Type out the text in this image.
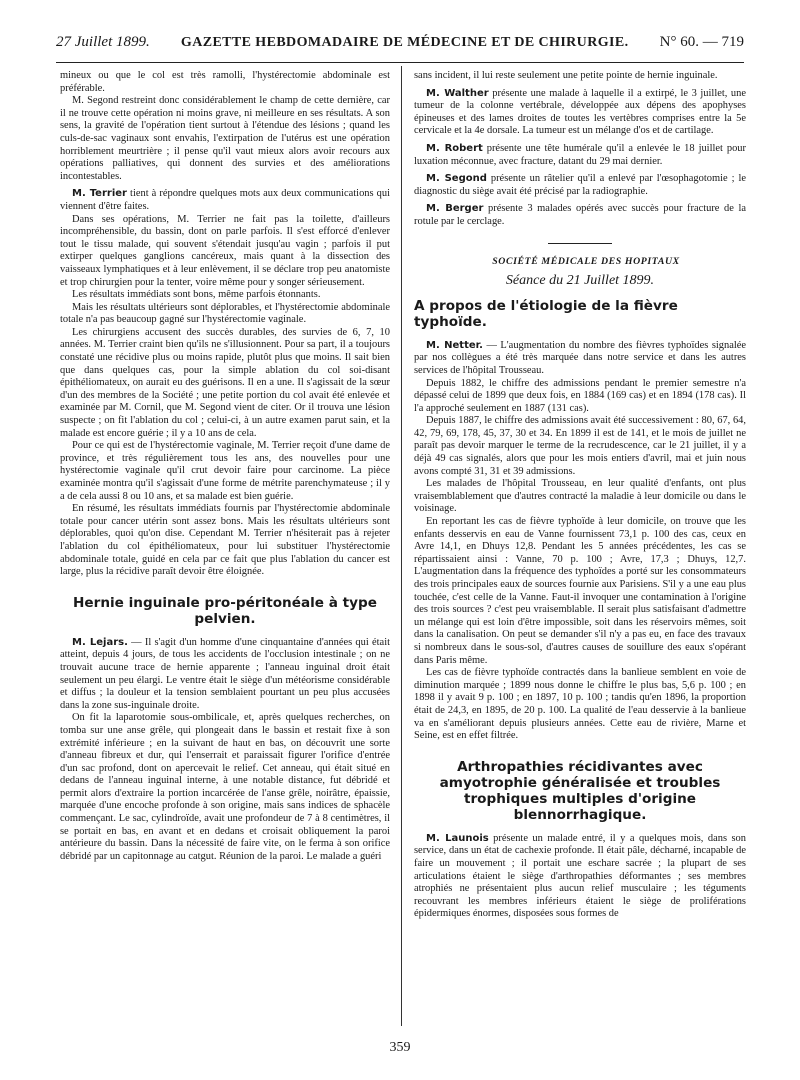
27 Juillet 1899. GAZETTE HEBDOMADAIRE DE MÉDECINE ET DE CHIRURGIE. N° 60. — 719

mineux ou que le col est très ramolli, l'hystérectomie abdominale est préférable.

M. Segond restreint donc considérablement le champ de cette dernière, car il ne trouve cette opération ni moins grave, ni meilleure en ses résultats. A son sens, la gravité de l'opération tient surtout à l'étendue des lésions ; quand les culs-de-sac vaginaux sont envahis, l'extirpation de l'utérus est une opération horriblement meurtrière ; il pense qu'il vaut mieux alors avoir recours aux opérations palliatives, qui donnent des survies et des améliorations incontestables.

M. Terrier tient à répondre quelques mots aux deux communications qui viennent d'être faites.

Dans ses opérations, M. Terrier ne fait pas la toilette, d'ailleurs incompréhensible, du bassin, dont on parle parfois. Il s'est efforcé d'enlever tout le tissu malade, qui souvent s'étendait jusqu'au vagin ; parfois il put extirper quelques ganglions cancéreux, mais quant à la dissection des vaisseaux lymphatiques et à leur enlèvement, il se déclare trop peu anatomiste et trop chirurgien pour la tenter, voire même pour y songer sérieusement.

Les résultats immédiats sont bons, même parfois étonnants.

Mais les résultats ultérieurs sont déplorables, et l'hystérectomie abdominale totale n'a pas beaucoup gagné sur l'hystérectomie vaginale.

Les chirurgiens accusent des succès durables, des survies de 6, 7, 10 années. M. Terrier craint bien qu'ils ne s'illusionnent. Pour sa part, il a toujours constaté une récidive plus ou moins rapide, plutôt plus que moins. Il sait bien que dans quelques cas, pour la simple ablation du col soi-disant épithéliomateux, on aurait eu des guérisons. Il en a une. Il s'agissait de la sœur d'un des membres de la Société ; une petite portion du col avait été enlevée et examinée par M. Cornil, que M. Segond vient de citer. Or il trouva une lésion suspecte ; on fit l'ablation du col ; celui-ci, à un autre examen parut sain, et la malade est encore guérie ; il y a 10 ans de cela.

Pour ce qui est de l'hystérectomie vaginale, M. Terrier reçoit d'une dame de province, et très régulièrement tous les ans, des nouvelles pour une hystérectomie vaginale qu'il crut devoir faire pour carcinome. La pièce examinée montra qu'il s'agissait d'une forme de métrite parenchymateuse ; il y a de cela aussi 8 ou 10 ans, et sa malade est bien guérie.

En résumé, les résultats immédiats fournis par l'hystérectomie abdominale totale pour cancer utérin sont assez bons. Mais les résultats ultérieurs sont déplorables, quoi qu'on dise. Cependant M. Terrier n'hésiterait pas à rejeter l'ablation du col épithéliomateux, pour lui substituer l'hystérectomie abdominale totale, guidé en cela par ce fait que plus l'ablation du cancer est large, plus la récidive paraît devoir être éloignée.

Hernie inguinale pro-péritonéale à type pelvien.

M. Lejars. — Il s'agit d'un homme d'une cinquantaine d'années qui était atteint, depuis 4 jours, de tous les accidents de l'occlusion intestinale ; on ne trouvait aucune trace de hernie apparente ; l'anneau inguinal droit était seulement un peu élargi. Le ventre était le siège d'un météorisme considérable et diffus ; la douleur et la tension semblaient pourtant un peu plus accusées dans la zone sus-inguinale droite.

On fit la laparotomie sous-ombilicale, et, après quelques recherches, on tomba sur une anse grêle, qui plongeait dans le bassin et restait fixe à son extrémité inférieure ; en la suivant de haut en bas, on découvrit une sorte d'anneau fibreux et dur, qui l'enserrait et paraissait figurer l'orifice d'entrée d'un sac profond, dont on apercevait le relief. Cet anneau, qui était situé en dedans de l'anneau inguinal interne, à une notable distance, fut débridé et permit alors d'extraire la portion incarcérée de l'anse grêle, noirâtre, épaissie, marquée d'une encoche profonde à son origine, mais sans indices de sphacèle commençant. Le sac, cylindroïde, avait une profondeur de 7 à 8 centimètres, il se portait en bas, en avant et en dedans et croisait obliquement la paroi antérieure du bassin. Dans la nécessité de faire vite, on le ferma à son orifice débridé par un capitonnage au catgut. Réunion de la paroi. Le malade a guéri

sans incident, il lui reste seulement une petite pointe de hernie inguinale.

M. Walther présente une malade à laquelle il a extirpé, le 3 juillet, une tumeur de la colonne vertébrale, développée aux dépens des apophyses épineuses et des lames droites de toutes les vertèbres comprises entre la 5e cervicale et la 4e dorsale. La tumeur est un mélange d'os et de cartilage.

M. Robert présente une tête humérale qu'il a enlevée le 18 juillet pour luxation méconnue, avec fracture, datant du 29 mai dernier.

M. Segond présente un râtelier qu'il a enlevé par l'œsophagotomie ; le diagnostic du siège avait été précisé par la radiographie.

M. Berger présente 3 malades opérés avec succès pour fracture de la rotule par le cerclage.

SOCIÉTÉ MÉDICALE DES HOPITAUX

Séance du 21 Juillet 1899.
A propos de l'étiologie de la fièvre typhoïde.

M. Netter. — L'augmentation du nombre des fièvres typhoïdes signalée par nos collègues a été très marquée dans notre service et dans les autres services de l'hôpital Trousseau.

Depuis 1882, le chiffre des admissions pendant le premier semestre n'a dépassé celui de 1899 que deux fois, en 1884 (169 cas) et en 1894 (178 cas). Il l'a approché seulement en 1887 (131 cas).

Depuis 1887, le chiffre des admissions avait été successivement : 80, 67, 64, 42, 79, 69, 178, 45, 37, 30 et 34. En 1899 il est de 141, et le mois de juillet ne paraît pas devoir marquer le terme de la recrudescence, car le 21 juillet, il y a déjà 49 cas signalés, alors que pour les mois entiers d'avril, mai et juin nous avons compté 31, 31 et 39 admissions.

Les malades de l'hôpital Trousseau, en leur qualité d'enfants, ont plus vraisemblablement que d'autres contracté la maladie à leur domicile ou dans le voisinage.

En reportant les cas de fièvre typhoïde à leur domicile, on trouve que les enfants desservis en eau de Vanne fournissent 73,1 p. 100 des cas, ceux en Avre 14,1, en Dhuys 12,8. Pendant les 5 années précédentes, les cas se répartissaient ainsi : Vanne, 70 p. 100 ; Avre, 17,3 ; Dhuys, 12,7. L'augmentation dans la fréquence des typhoïdes a porté sur les consommateurs des trois principales eaux de sources fournie aux Parisiens. S'il y a une eau plus touchée, c'est celle de la Vanne. Faut-il invoquer une contamination à l'origine des trois sources ? c'est peu vraisemblable. Il serait plus satisfaisant d'admettre un mélange qui est loin d'être impossible, soit dans les réservoirs mêmes, soit dans la canalisation. On peut se demander s'il n'y a pas eu, en face des travaux si nombreux dans le sous-sol, d'autres causes de souillure des eaux s'opérant dans Paris même.

Les cas de fièvre typhoïde contractés dans la banlieue semblent en voie de diminution marquée ; 1899 nous donne le chiffre le plus bas, 5,6 p. 100 ; en 1898 il y avait 9 p. 100 ; en 1897, 10 p. 100 ; tandis qu'en 1896, la proportion était de 24,3, en 1895, de 20 p. 100. La qualité de l'eau desservie à la banlieue va en s'améliorant depuis plusieurs années. Cette eau de rivière, Marne et Seine, est en effet filtrée.

Arthropathies récidivantes avec amyotrophie généralisée et troubles trophiques multiples d'origine blennorrhagique.

M. Launois présente un malade entré, il y a quelques mois, dans son service, dans un état de cachexie profonde. Il était pâle, décharné, incapable de faire un mouvement ; il portait une eschare sacrée ; la plupart de ses articulations étaient le siège d'arthropathies déformantes ; ses membres atrophiés ne présentaient plus aucun relief musculaire ; les téguments recouvrant les membres inférieurs étaient le siège de proliférations épidermiques énormes, disposées sous formes de

359
